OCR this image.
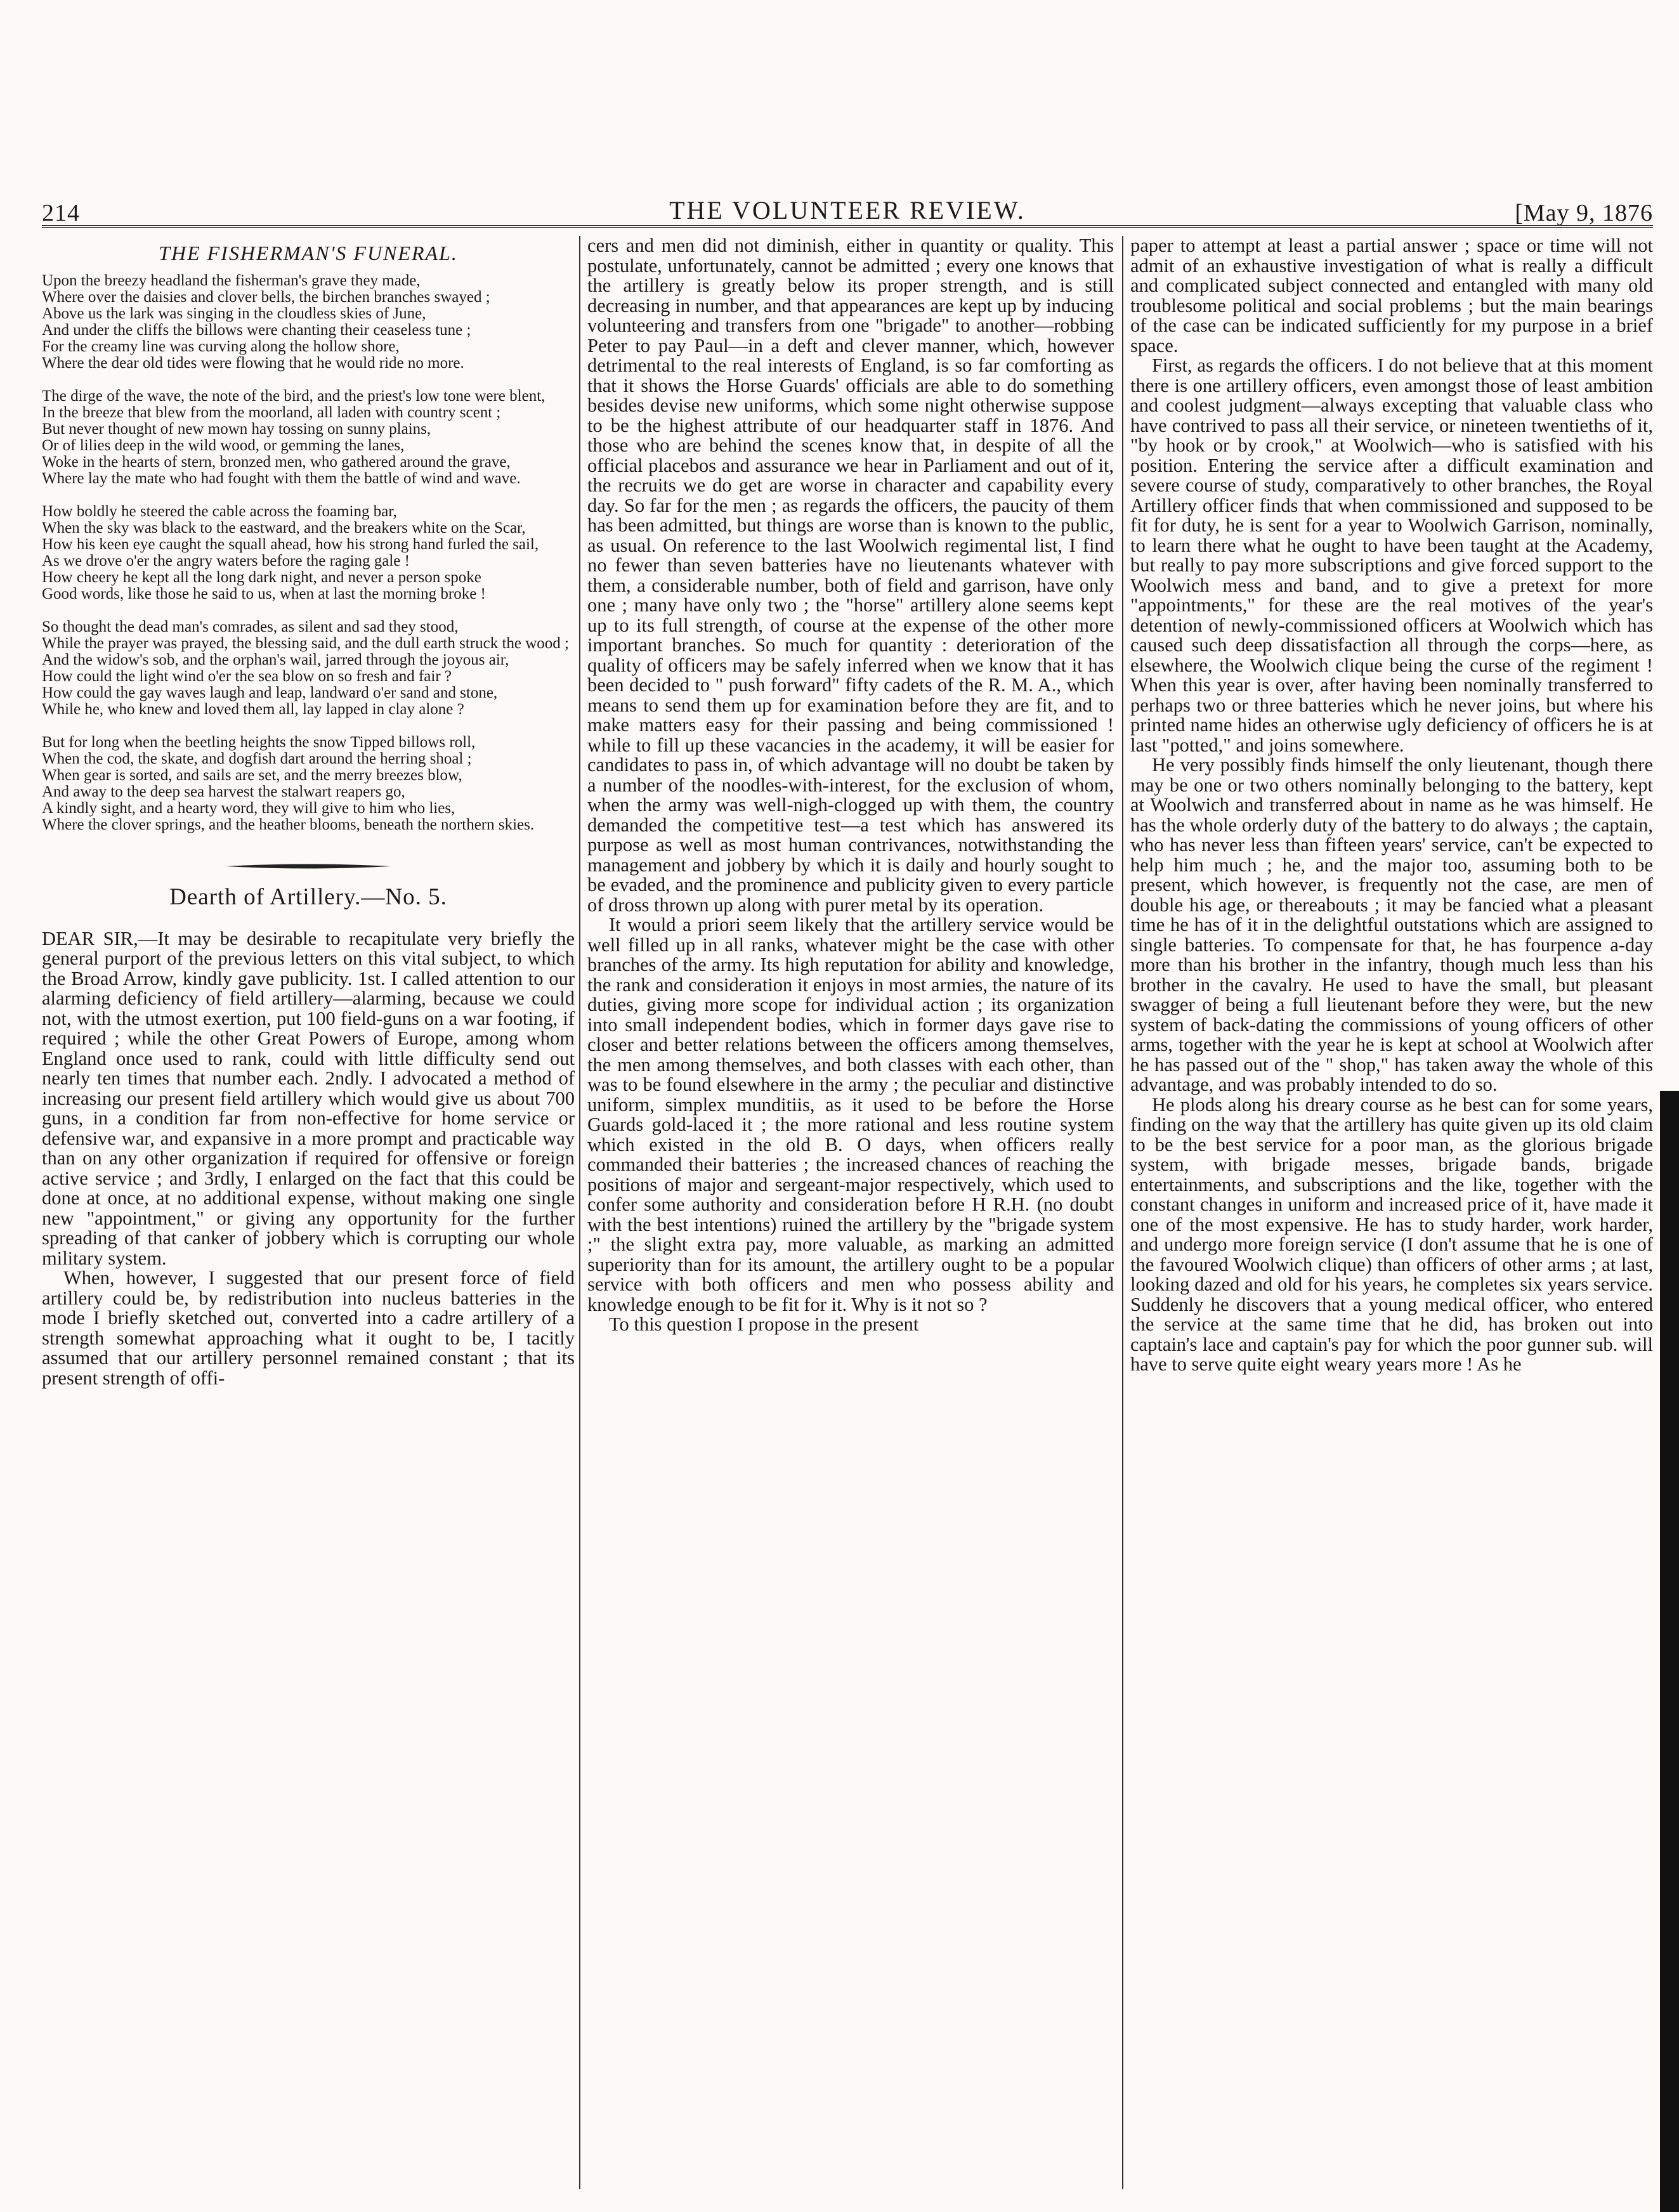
214	THE VOLUNTEER REVIEW.	[May 9, 1876
THE FISHERMAN'S FUNERAL.
Upon the breezy headland the fisherman's grave they made,
Where over the daisies and clover bells, the birchen branches swayed ;
Above us the lark was singing in the cloudless skies of June,
And under the cliffs the billows were chanting their ceaseless tune ;
For the creamy line was curving along the hollow shore,
Where the dear old tides were flowing that he would ride no more.
The dirge of the wave, the note of the bird, and the priest's low tone were blent,
In the breeze that blew from the moorland, all laden with country scent ;
But never thought of new mown hay tossing on sunny plains,
Or of lilies deep in the wild wood, or gemming the lanes,
Woke in the hearts of stern, bronzed men, who gathered around the grave,
Where lay the mate who had fought with them the battle of wind and wave.
How boldly he steered the cable across the foaming bar,
When the sky was black to the eastward, and the breakers white on the Scar,
How his keen eye caught the squall ahead, how his strong hand furled the sail,
As we drove o'er the angry waters before the raging gale !
How cheery he kept all the long dark night, and never a person spoke
Good words, like those he said to us, when at last the morning broke !
So thought the dead man's comrades, as silent and sad they stood,
While the prayer was prayed, the blessing said, and the dull earth struck the wood ;
And the widow's sob, and the orphan's wail, jarred through the joyous air,
How could the light wind o'er the sea blow on so fresh and fair ?
How could the gay waves laugh and leap, landward o'er sand and stone,
While he, who knew and loved them all, lay lapped in clay alone ?
But for long when the beetling heights the snow Tipped billows roll,
When the cod, the skate, and dogfish dart around the herring shoal ;
When gear is sorted, and sails are set, and the merry breezes blow,
And away to the deep sea harvest the stalwart reapers go,
A kindly sight, and a hearty word, they will give to him who lies,
Where the clover springs, and the heather blooms, beneath the northern skies.
Dearth of Artillery.—No. 5.

DEAR SIR,—It may be desirable to recapitulate very briefly the general purport of the previous letters on this vital subject, to which the Broad Arrow, kindly gave publicity. 1st. I called attention to our alarming deficiency of field artillery—alarming, because we could not, with the utmost exertion, put 100 field-guns on a war footing, if required ; while the other Great Powers of Europe, among whom England once used to rank, could with little difficulty send out nearly ten times that number each. 2ndly. I advocated a method of increasing our present field artillery which would give us about 700 guns, in a condition far from non-effective for home service or defensive war, and expansive in a more prompt and practicable way than on any other organization if required for offensive or foreign active service ; and 3rdly, I enlarged on the fact that this could be done at once, at no additional expense, without making one single new "appointment," or giving any opportunity for the further spreading of that canker of jobbery which is corrupting our whole military system.

When, however, I suggested that our present force of field artillery could be, by redistribution into nucleus batteries in the mode I briefly sketched out, converted into a cadre artillery of a strength somewhat approaching what it ought to be, I tacitly assumed that our artillery personnel remained constant ; that its present strength of offi-

cers and men did not diminish, either in quantity or quality. This postulate, unfortunately, cannot be admitted ; every one knows that the artillery is greatly below its proper strength, and is still decreasing in number, and that appearances are kept up by inducing volunteering and transfers from one "brigade" to another—robbing Peter to pay Paul—in a deft and clever manner, which, however detrimental to the real interests of England, is so far comforting as that it shows the Horse Guards' officials are able to do something besides devise new uniforms, which some night otherwise suppose to be the highest attribute of our headquarter staff in 1876. And those who are behind the scenes know that, in despite of all the official placebos and assurance we hear in Parliament and out of it, the recruits we do get are worse in character and capability every day. So far for the men ; as regards the officers, the paucity of them has been admitted, but things are worse than is known to the public, as usual. On reference to the last Woolwich regimental list, I find no fewer than seven batteries have no lieutenants whatever with them, a considerable number, both of field and garrison, have only one ; many have only two ; the "horse" artillery alone seems kept up to its full strength, of course at the expense of the other more important branches. So much for quantity : deterioration of the quality of officers may be safely inferred when we know that it has been decided to " push forward" fifty cadets of the R. M. A., which means to send them up for examination before they are fit, and to make matters easy for their passing and being commissioned ! while to fill up these vacancies in the academy, it will be easier for candidates to pass in, of which advantage will no doubt be taken by a number of the noodles-with-interest, for the exclusion of whom, when the army was well-nigh-clogged up with them, the country demanded the competitive test—a test which has answered its purpose as well as most human contrivances, notwithstanding the management and jobbery by which it is daily and hourly sought to be evaded, and the prominence and publicity given to every particle of dross thrown up along with purer metal by its operation.

It would a priori seem likely that the artillery service would be well filled up in all ranks, whatever might be the case with other branches of the army. Its high reputation for ability and knowledge, the rank and consideration it enjoys in most armies, the nature of its duties, giving more scope for individual action ; its organization into small independent bodies, which in former days gave rise to closer and better relations between the officers among themselves, the men among themselves, and both classes with each other, than was to be found elsewhere in the army ; the peculiar and distinctive uniform, simplex munditiis, as it used to be before the Horse Guards gold-laced it ; the more rational and less routine system which existed in the old B. O days, when officers really commanded their batteries ; the increased chances of reaching the positions of major and sergeant-major respectively, which used to confer some authority and consideration before H R.H. (no doubt with the best intentions) ruined the artillery by the "brigade system ;" the slight extra pay, more valuable, as marking an admitted superiority than for its amount, the artillery ought to be a popular service with both officers and men who possess ability and knowledge enough to be fit for it. Why is it not so ?

To this question I propose in the present

paper to attempt at least a partial answer ; space or time will not admit of an exhaustive investigation of what is really a difficult and complicated subject connected and entangled with many old troublesome political and social problems ; but the main bearings of the case can be indicated sufficiently for my purpose in a brief space.

First, as regards the officers. I do not believe that at this moment there is one artillery officers, even amongst those of least ambition and coolest judgment—always excepting that valuable class who have contrived to pass all their service, or nineteen twentieths of it, "by hook or by crook," at Woolwich—who is satisfied with his position. Entering the service after a difficult examination and severe course of study, comparatively to other branches, the Royal Artillery officer finds that when commissioned and supposed to be fit for duty, he is sent for a year to Woolwich Garrison, nominally, to learn there what he ought to have been taught at the Academy, but really to pay more subscriptions and give forced support to the Woolwich mess and band, and to give a pretext for more "appointments," for these are the real motives of the year's detention of newly-commissioned officers at Woolwich which has caused such deep dissatisfaction all through the corps—here, as elsewhere, the Woolwich clique being the curse of the regiment ! When this year is over, after having been nominally transferred to perhaps two or three batteries which he never joins, but where his printed name hides an otherwise ugly deficiency of officers he is at last "potted," and joins somewhere.

He very possibly finds himself the only lieutenant, though there may be one or two others nominally belonging to the battery, kept at Woolwich and transferred about in name as he was himself. He has the whole orderly duty of the battery to do always ; the captain, who has never less than fifteen years' service, can't be expected to help him much ; he, and the major too, assuming both to be present, which however, is frequently not the case, are men of double his age, or thereabouts ; it may be fancied what a pleasant time he has of it in the delightful outstations which are assigned to single batteries. To compensate for that, he has fourpence a-day more than his brother in the infantry, though much less than his brother in the cavalry. He used to have the small, but pleasant swagger of being a full lieutenant before they were, but the new system of back-dating the commissions of young officers of other arms, together with the year he is kept at school at Woolwich after he has passed out of the " shop," has taken away the whole of this advantage, and was probably intended to do so.

He plods along his dreary course as he best can for some years, finding on the way that the artillery has quite given up its old claim to be the best service for a poor man, as the glorious brigade system, with brigade messes, brigade bands, brigade entertainments, and subscriptions and the like, together with the constant changes in uniform and increased price of it, have made it one of the most expensive. He has to study harder, work harder, and undergo more foreign service (I don't assume that he is one of the favoured Woolwich clique) than officers of other arms ; at last, looking dazed and old for his years, he completes six years service. Suddenly he discovers that a young medical officer, who entered the service at the same time that he did, has broken out into captain's lace and captain's pay for which the poor gunner sub. will have to serve quite eight weary years more ! As he
